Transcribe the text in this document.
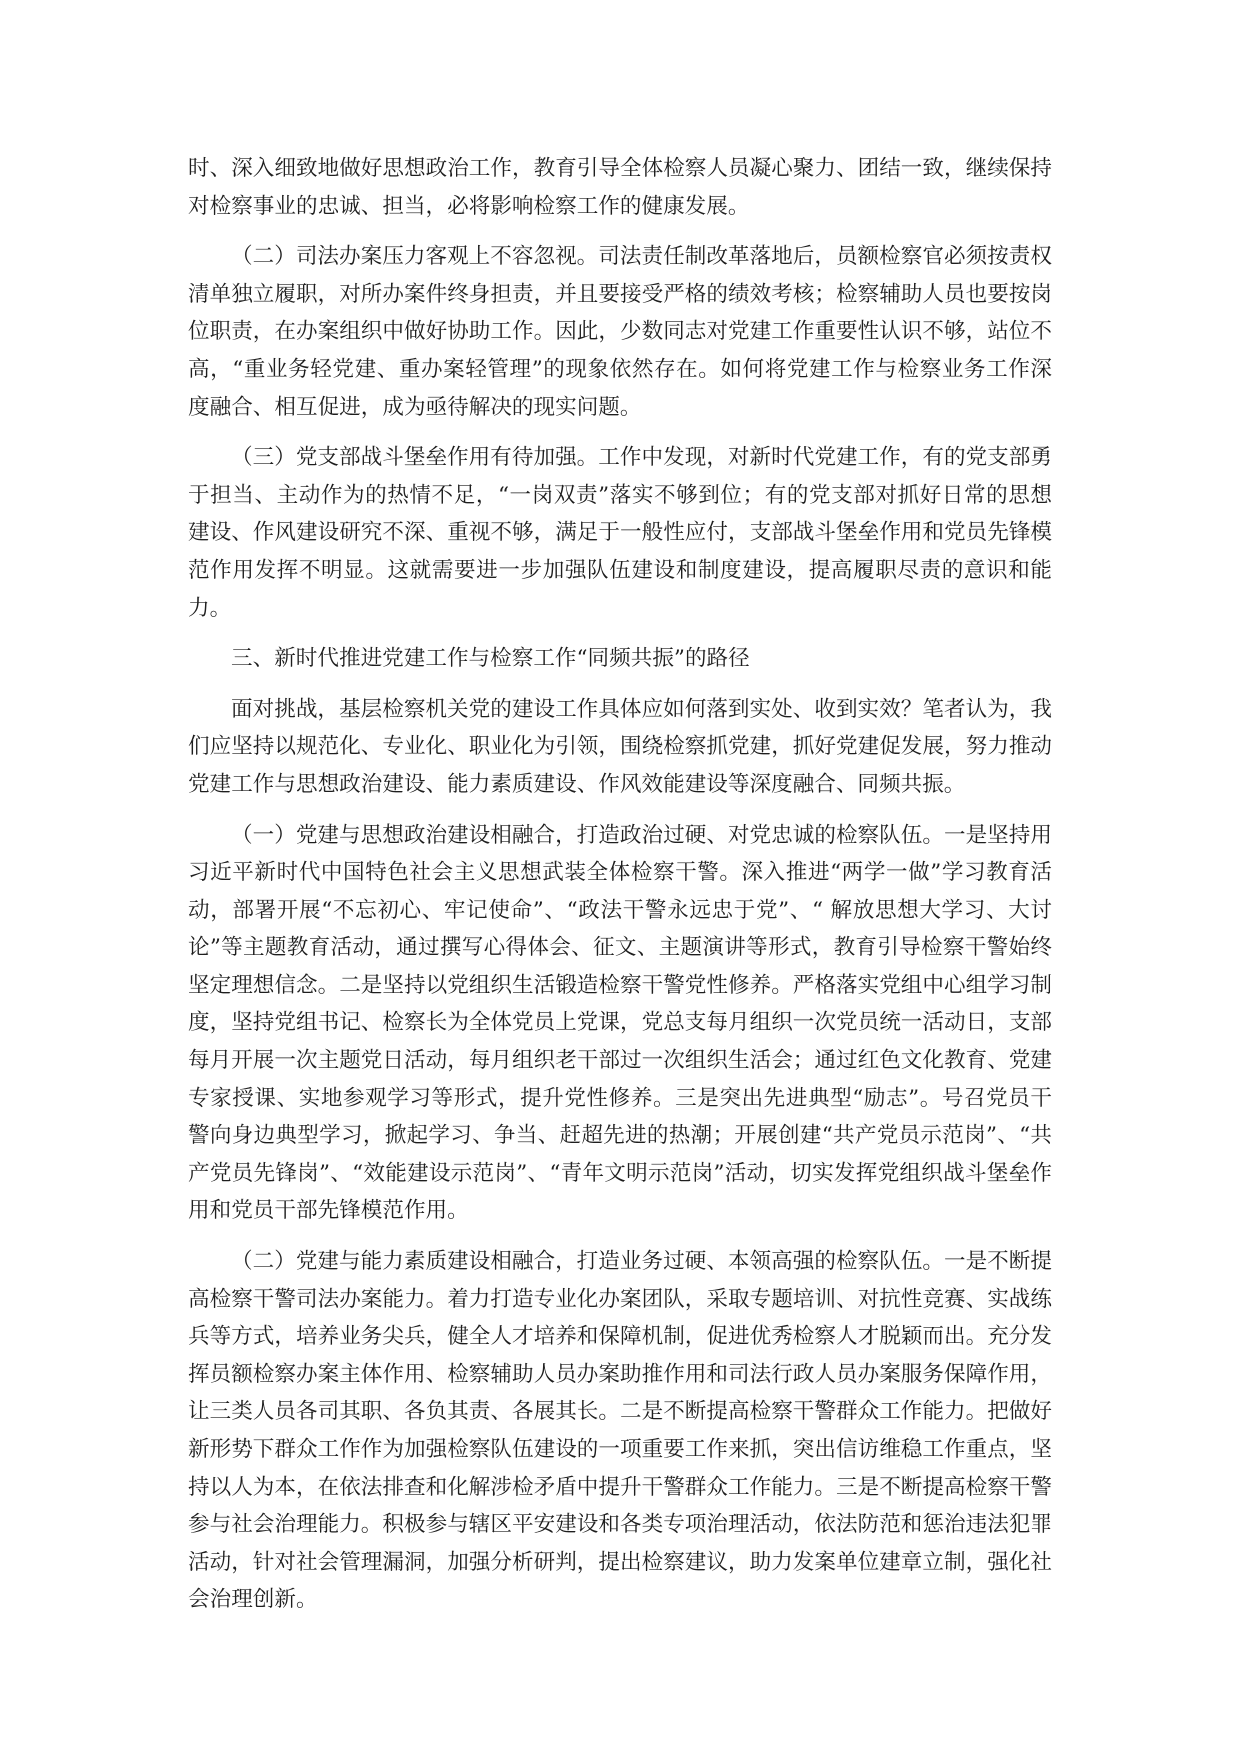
时、深入细致地做好思想政治工作，教育引导全体检察人员凝心聚力、团结一致，继续保持对检察事业的忠诚、担当，必将影响检察工作的健康发展。

（二）司法办案压力客观上不容忽视。司法责任制改革落地后，员额检察官必须按责权清单独立履职，对所办案件终身担责，并且要接受严格的绩效考核；检察辅助人员也要按岗位职责，在办案组织中做好协助工作。因此，少数同志对党建工作重要性认识不够，站位不高，“重业务轻党建、重办案轻管理”的现象依然存在。如何将党建工作与检察业务工作深度融合、相互促进，成为亟待解决的现实问题。

（三）党支部战斗堡垒作用有待加强。工作中发现，对新时代党建工作，有的党支部勇于担当、主动作为的热情不足，“一岗双责”落实不够到位；有的党支部对抓好日常的思想建设、作风建设研究不深、重视不够，满足于一般性应付，支部战斗堡垒作用和党员先锋模范作用发挥不明显。这就需要进一步加强队伍建设和制度建设，提高履职尽责的意识和能力。

三、新时代推进党建工作与检察工作“同频共振”的路径

面对挑战，基层检察机关党的建设工作具体应如何落到实处、收到实效？笔者认为，我们应坚持以规范化、专业化、职业化为引领，围绕检察抓党建，抓好党建促发展，努力推动党建工作与思想政治建设、能力素质建设、作风效能建设等深度融合、同频共振。

（一）党建与思想政治建设相融合，打造政治过硬、对党忠诚的检察队伍。一是坚持用习近平新时代中国特色社会主义思想武装全体检察干警。深入推进“两学一做”学习教育活动，部署开展“不忘初心、牢记使命”、“政法干警永远忠于党”、“ 解放思想大学习、大讨论”等主题教育活动，通过撰写心得体会、征文、主题演讲等形式，教育引导检察干警始终坚定理想信念。二是坚持以党组织生活锻造检察干警党性修养。严格落实党组中心组学习制度，坚持党组书记、检察长为全体党员上党课，党总支每月组织一次党员统一活动日，支部每月开展一次主题党日活动，每月组织老干部过一次组织生活会；通过红色文化教育、党建专家授课、实地参观学习等形式，提升党性修养。三是突出先进典型“励志”。号召党员干警向身边典型学习，掀起学习、争当、赶超先进的热潮；开展创建“共产党员示范岗”、“共产党员先锋岗”、“效能建设示范岗”、“青年文明示范岗”活动，切实发挥党组织战斗堡垒作用和党员干部先锋模范作用。

（二）党建与能力素质建设相融合，打造业务过硬、本领高强的检察队伍。一是不断提高检察干警司法办案能力。着力打造专业化办案团队，采取专题培训、对抗性竞赛、实战练兵等方式，培养业务尖兵，健全人才培养和保障机制，促进优秀检察人才脱颖而出。充分发挥员额检察办案主体作用、检察辅助人员办案助推作用和司法行政人员办案服务保障作用，让三类人员各司其职、各负其责、各展其长。二是不断提高检察干警群众工作能力。把做好新形势下群众工作作为加强检察队伍建设的一项重要工作来抓，突出信访维稳工作重点，坚持以人为本，在依法排查和化解涉检矛盾中提升干警群众工作能力。三是不断提高检察干警参与社会治理能力。积极参与辖区平安建设和各类专项治理活动，依法防范和惩治违法犯罪活动，针对社会管理漏洞，加强分析研判，提出检察建议，助力发案单位建章立制，强化社会治理创新。
